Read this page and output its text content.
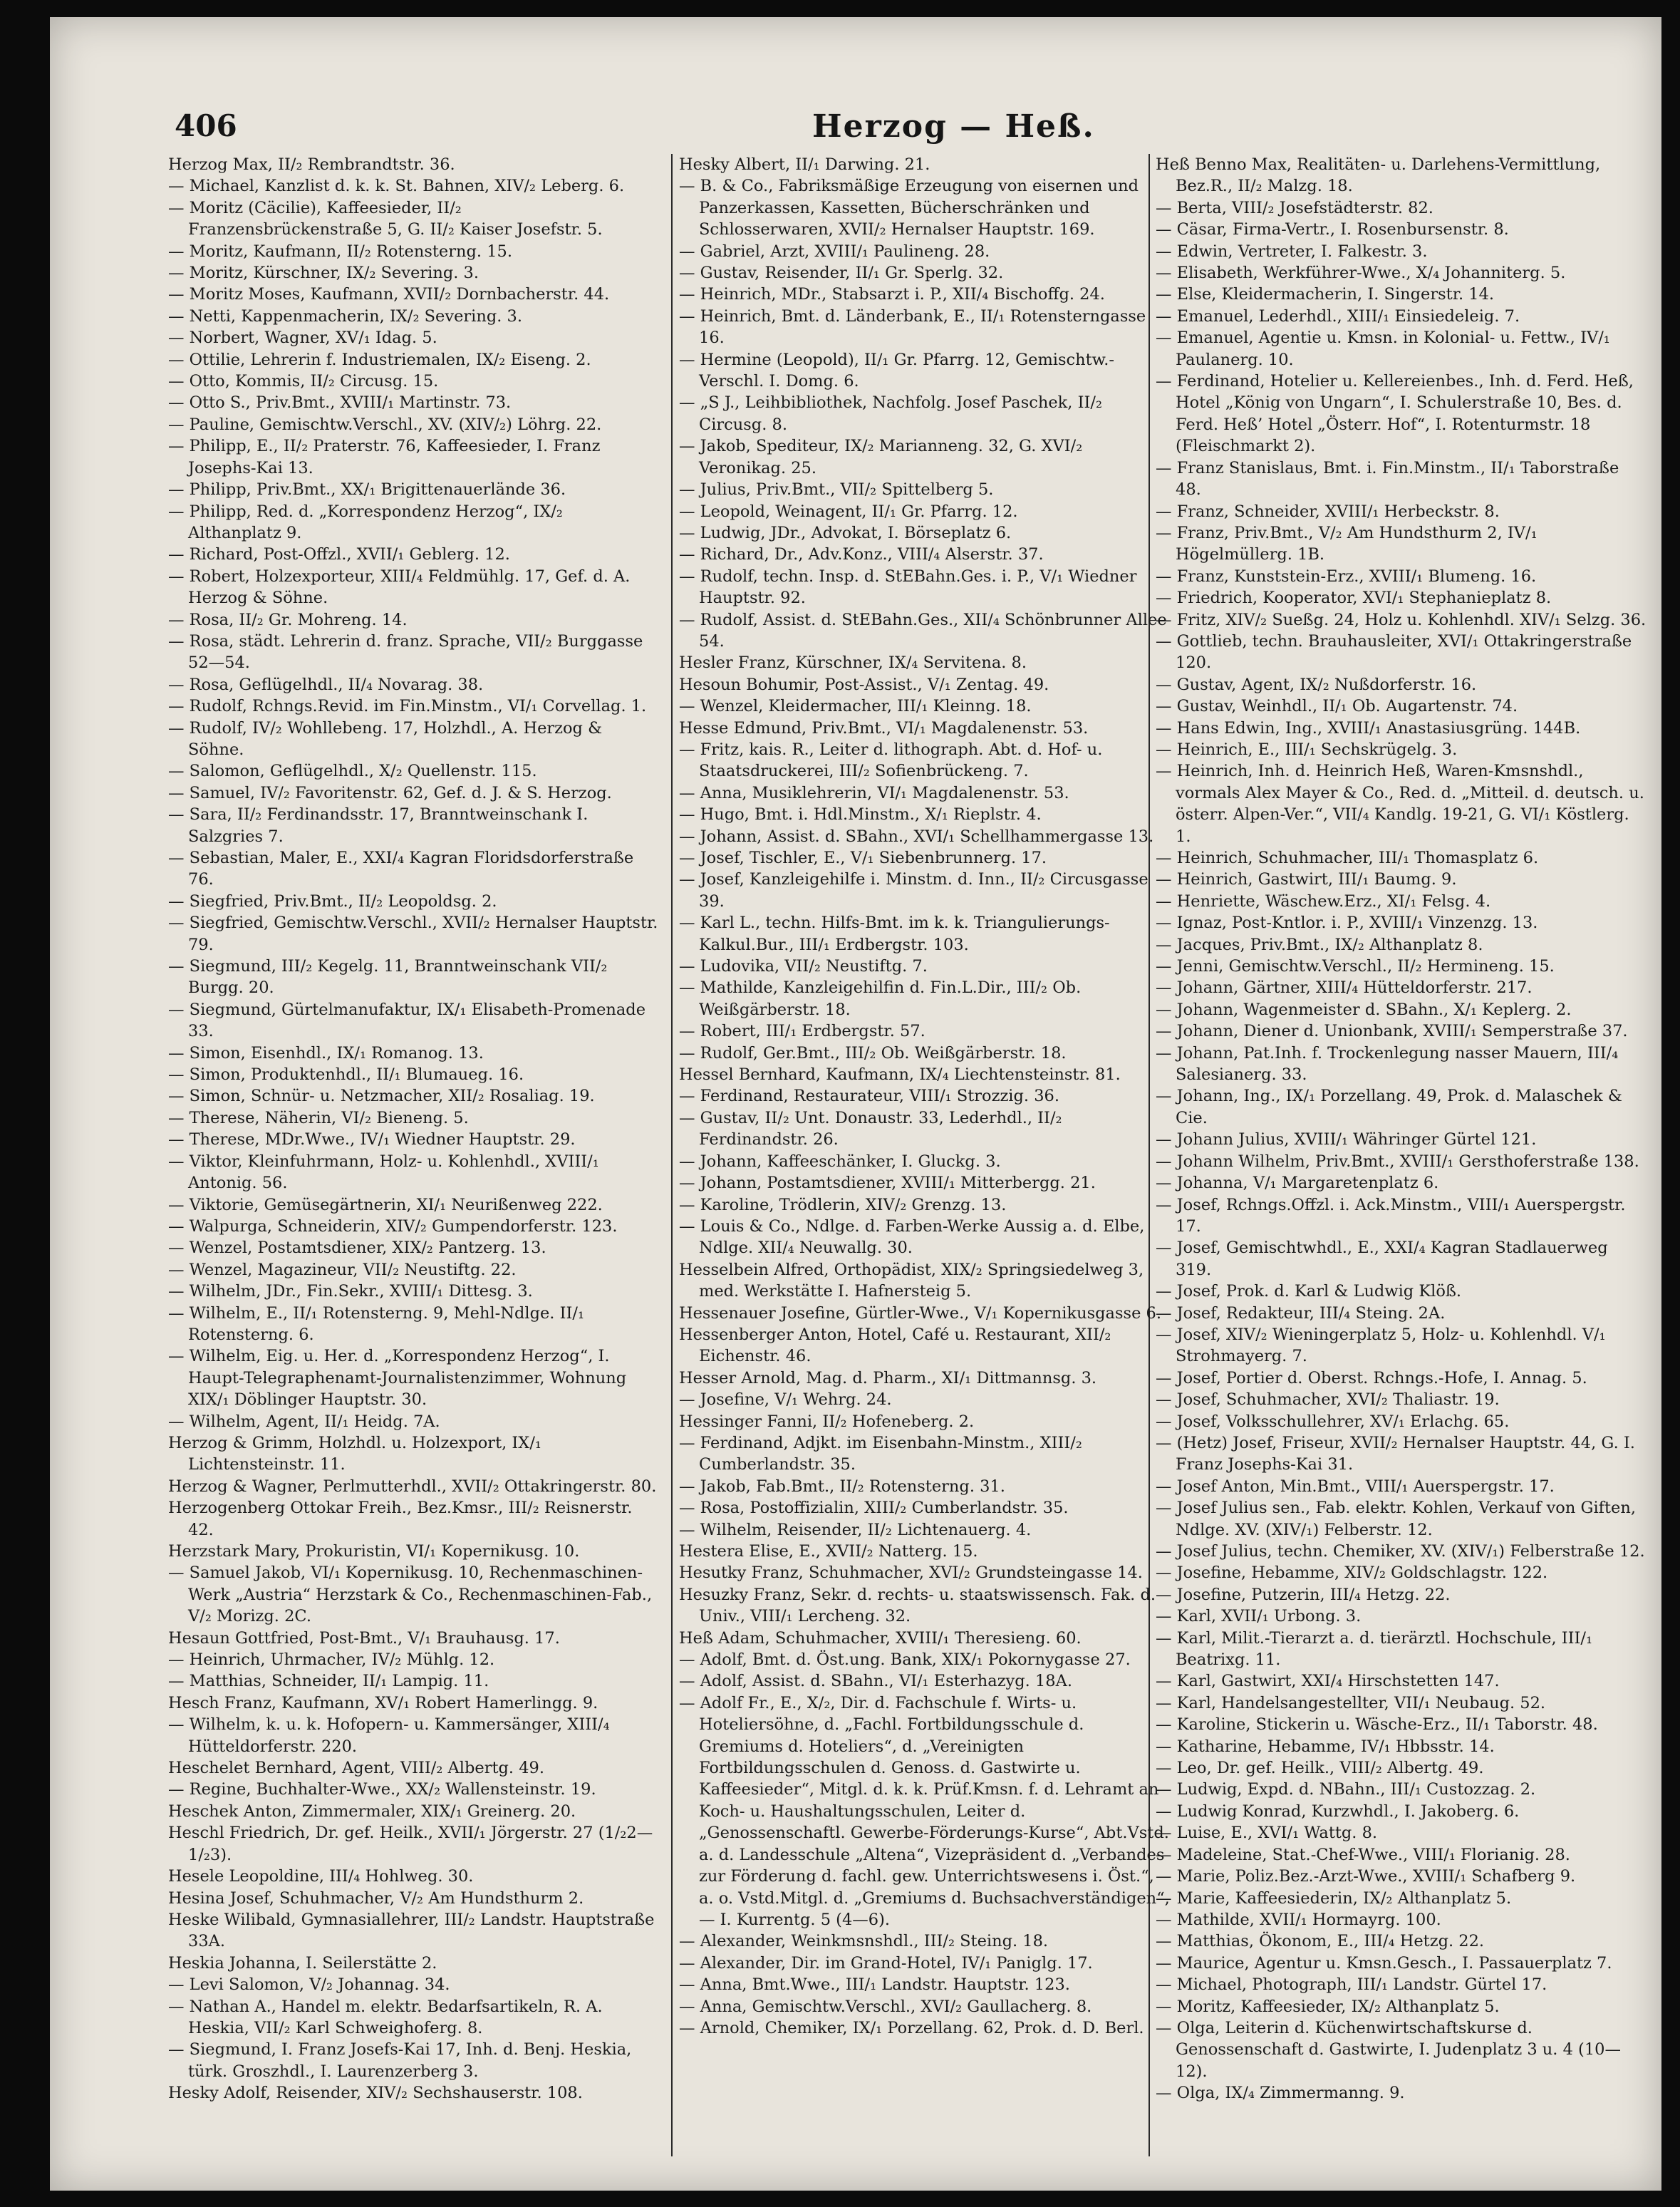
406	Herzog — Heß.

Herzog Max, II/₂ Rembrandtstr. 36.

— Michael, Kanzlist d. k. k. St. Bahnen, XIV/₂ Leberg. 6.

— Moritz (Cäcilie), Kaffeesieder, II/₂ Franzensbrückenstraße 5, G. II/₂ Kaiser Josefstr. 5.

— Moritz, Kaufmann, II/₂ Rotensterng. 15.

— Moritz, Kürschner, IX/₂ Severing. 3.

— Moritz Moses, Kaufmann, XVII/₂ Dornbacherstr. 44.

— Netti, Kappenmacherin, IX/₂ Severing. 3.

— Norbert, Wagner, XV/₁ Idag. 5.

— Ottilie, Lehrerin f. Industriemalen, IX/₂ Eiseng. 2.

— Otto, Kommis, II/₂ Circusg. 15.

— Otto S., Priv.Bmt., XVIII/₁ Martinstr. 73.

— Pauline, Gemischtw.Verschl., XV. (XIV/₂) Löhrg. 22.

— Philipp, E., II/₂ Praterstr. 76, Kaffeesieder, I. Franz Josephs-Kai 13.

— Philipp, Priv.Bmt., XX/₁ Brigittenauerlände 36.

— Philipp, Red. d. „Korrespondenz Herzog“, IX/₂ Althanplatz 9.

— Richard, Post-Offzl., XVII/₁ Geblerg. 12.

— Robert, Holzexporteur, XIII/₄ Feldmühlg. 17, Gef. d. A. Herzog & Söhne.

— Rosa, II/₂ Gr. Mohreng. 14.

— Rosa, städt. Lehrerin d. franz. Sprache, VII/₂ Burggasse 52—54.

— Rosa, Geflügelhdl., II/₄ Novarag. 38.

— Rudolf, Rchngs.Revid. im Fin.Minstm., VI/₁ Corvellag. 1.

— Rudolf, IV/₂ Wohllebeng. 17, Holzhdl., A. Herzog & Söhne.

— Salomon, Geflügelhdl., X/₂ Quellenstr. 115.

— Samuel, IV/₂ Favoritenstr. 62, Gef. d. J. & S. Herzog.

— Sara, II/₂ Ferdinandsstr. 17, Branntweinschank I. Salzgries 7.

— Sebastian, Maler, E., XXI/₄ Kagran Floridsdorferstraße 76.

— Siegfried, Priv.Bmt., II/₂ Leopoldsg. 2.

— Siegfried, Gemischtw.Verschl., XVII/₂ Hernalser Hauptstr. 79.

— Siegmund, III/₂ Kegelg. 11, Branntweinschank VII/₂ Burgg. 20.

— Siegmund, Gürtelmanufaktur, IX/₁ Elisabeth-Promenade 33.

— Simon, Eisenhdl., IX/₁ Romanog. 13.

— Simon, Produktenhdl., II/₁ Blumaueg. 16.

— Simon, Schnür- u. Netzmacher, XII/₂ Rosaliag. 19.

— Therese, Näherin, VI/₂ Bieneng. 5.

— Therese, MDr.Wwe., IV/₁ Wiedner Hauptstr. 29.

— Viktor, Kleinfuhrmann, Holz- u. Kohlenhdl., XVIII/₁ Antonig. 56.

— Viktorie, Gemüsegärtnerin, XI/₁ Neurißenweg 222.

— Walpurga, Schneiderin, XIV/₂ Gumpendorferstr. 123.

— Wenzel, Postamtsdiener, XIX/₂ Pantzerg. 13.

— Wenzel, Magazineur, VII/₂ Neustiftg. 22.

— Wilhelm, JDr., Fin.Sekr., XVIII/₁ Dittesg. 3.

— Wilhelm, E., II/₁ Rotensterng. 9, Mehl-Ndlge. II/₁ Rotensterng. 6.

— Wilhelm, Eig. u. Her. d. „Korrespondenz Herzog“, I. Haupt-Telegraphenamt-Journalistenzimmer, Wohnung XIX/₁ Döblinger Hauptstr. 30.

— Wilhelm, Agent, II/₁ Heidg. 7A.

Herzog & Grimm, Holzhdl. u. Holzexport, IX/₁ Lichtensteinstr. 11.

Herzog & Wagner, Perlmutterhdl., XVII/₂ Ottakringerstr. 80.

Herzogenberg Ottokar Freih., Bez.Kmsr., III/₂ Reisnerstr. 42.

Herzstark Mary, Prokuristin, VI/₁ Kopernikusg. 10.

— Samuel Jakob, VI/₁ Kopernikusg. 10, Rechenmaschinen-Werk „Austria“ Herzstark & Co., Rechenmaschinen-Fab., V/₂ Morizg. 2C.

Hesaun Gottfried, Post-Bmt., V/₁ Brauhausg. 17.

— Heinrich, Uhrmacher, IV/₂ Mühlg. 12.

— Matthias, Schneider, II/₁ Lampig. 11.

Hesch Franz, Kaufmann, XV/₁ Robert Hamerlingg. 9.

— Wilhelm, k. u. k. Hofopern- u. Kammersänger, XIII/₄ Hütteldorferstr. 220.

Heschelet Bernhard, Agent, VIII/₂ Albertg. 49.

— Regine, Buchhalter-Wwe., XX/₂ Wallensteinstr. 19.

Heschek Anton, Zimmermaler, XIX/₁ Greinerg. 20.

Heschl Friedrich, Dr. gef. Heilk., XVII/₁ Jörgerstr. 27 (1/₂2—1/₂3).

Hesele Leopoldine, III/₄ Hohlweg. 30.

Hesina Josef, Schuhmacher, V/₂ Am Hundsthurm 2.

Heske Wilibald, Gymnasiallehrer, III/₂ Landstr. Hauptstraße 33A.

Heskia Johanna, I. Seilerstätte 2.

— Levi Salomon, V/₂ Johannag. 34.

— Nathan A., Handel m. elektr. Bedarfsartikeln, R. A. Heskia, VII/₂ Karl Schweighoferg. 8.

— Siegmund, I. Franz Josefs-Kai 17, Inh. d. Benj. Heskia, türk. Groszhdl., I. Laurenzerberg 3.

Hesky Adolf, Reisender, XIV/₂ Sechshauserstr. 108.

Hesky Albert, II/₁ Darwing. 21.

— B. & Co., Fabriksmäßige Erzeugung von eisernen und Panzerkassen, Kassetten, Bücherschränken und Schlosserwaren, XVII/₂ Hernalser Hauptstr. 169.

— Gabriel, Arzt, XVIII/₁ Paulineng. 28.

— Gustav, Reisender, II/₁ Gr. Sperlg. 32.

— Heinrich, MDr., Stabsarzt i. P., XII/₄ Bischoffg. 24.

— Heinrich, Bmt. d. Länderbank, E., II/₁ Rotensterngasse 16.

— Hermine (Leopold), II/₁ Gr. Pfarrg. 12, Gemischtw.-Verschl. I. Domg. 6.

— „S J., Leihbibliothek, Nachfolg. Josef Paschek, II/₂ Circusg. 8.

— Jakob, Spediteur, IX/₂ Marianneng. 32, G. XVI/₂ Veronikag. 25.

— Julius, Priv.Bmt., VII/₂ Spittelberg 5.

— Leopold, Weinagent, II/₁ Gr. Pfarrg. 12.

— Ludwig, JDr., Advokat, I. Börseplatz 6.

— Richard, Dr., Adv.Konz., VIII/₄ Alserstr. 37.

— Rudolf, techn. Insp. d. StEBahn.Ges. i. P., V/₁ Wiedner Hauptstr. 92.

— Rudolf, Assist. d. StEBahn.Ges., XII/₄ Schönbrunner Allee 54.

Hesler Franz, Kürschner, IX/₄ Servitena. 8.

Hesoun Bohumir, Post-Assist., V/₁ Zentag. 49.

— Wenzel, Kleidermacher, III/₁ Kleinng. 18.

Hesse Edmund, Priv.Bmt., VI/₁ Magdalenenstr. 53.

— Fritz, kais. R., Leiter d. lithograph. Abt. d. Hof- u. Staatsdruckerei, III/₂ Sofienbrückeng. 7.

— Anna, Musiklehrerin, VI/₁ Magdalenenstr. 53.

— Hugo, Bmt. i. Hdl.Minstm., X/₁ Rieplstr. 4.

— Johann, Assist. d. SBahn., XVI/₁ Schellhammergasse 13.

— Josef, Tischler, E., V/₁ Siebenbrunnerg. 17.

— Josef, Kanzleigehilfe i. Minstm. d. Inn., II/₂ Circusgasse 39.

— Karl L., techn. Hilfs-Bmt. im k. k. Triangulierungs-Kalkul.Bur., III/₁ Erdbergstr. 103.

— Ludovika, VII/₂ Neustiftg. 7.

— Mathilde, Kanzleigehilfin d. Fin.L.Dir., III/₂ Ob. Weißgärberstr. 18.

— Robert, III/₁ Erdbergstr. 57.

— Rudolf, Ger.Bmt., III/₂ Ob. Weißgärberstr. 18.

Hessel Bernhard, Kaufmann, IX/₄ Liechtensteinstr. 81.

— Ferdinand, Restaurateur, VIII/₁ Strozzig. 36.

— Gustav, II/₂ Unt. Donaustr. 33, Lederhdl., II/₂ Ferdinandstr. 26.

— Johann, Kaffeeschänker, I. Gluckg. 3.

— Johann, Postamtsdiener, XVIII/₁ Mitterbergg. 21.

— Karoline, Trödlerin, XIV/₂ Grenzg. 13.

— Louis & Co., Ndlge. d. Farben-Werke Aussig a. d. Elbe, Ndlge. XII/₄ Neuwallg. 30.

Hesselbein Alfred, Orthopädist, XIX/₂ Springsiedelweg 3, med. Werkstätte I. Hafnersteig 5.

Hessenauer Josefine, Gürtler-Wwe., V/₁ Kopernikusgasse 6.

Hessenberger Anton, Hotel, Café u. Restaurant, XII/₂ Eichenstr. 46.

Hesser Arnold, Mag. d. Pharm., XI/₁ Dittmannsg. 3.

— Josefine, V/₁ Wehrg. 24.

Hessinger Fanni, II/₂ Hofeneberg. 2.

— Ferdinand, Adjkt. im Eisenbahn-Minstm., XIII/₂ Cumberlandstr. 35.

— Jakob, Fab.Bmt., II/₂ Rotensterng. 31.

— Rosa, Postoffizialin, XIII/₂ Cumberlandstr. 35.

— Wilhelm, Reisender, II/₂ Lichtenauerg. 4.

Hestera Elise, E., XVII/₂ Natterg. 15.

Hesutky Franz, Schuhmacher, XVI/₂ Grundsteingasse 14.

Hesuzky Franz, Sekr. d. rechts- u. staatswissensch. Fak. d. Univ., VIII/₁ Lercheng. 32.

Heß Adam, Schuhmacher, XVIII/₁ Theresieng. 60.

— Adolf, Bmt. d. Öst.ung. Bank, XIX/₁ Pokornygasse 27.

— Adolf, Assist. d. SBahn., VI/₁ Esterhazyg. 18A.

— Adolf Fr., E., X/₂, Dir. d. Fachschule f. Wirts- u. Hoteliersöhne, d. „Fachl. Fortbildungsschule d. Gremiums d. Hoteliers“, d. „Vereinigten Fortbildungsschulen d. Genoss. d. Gastwirte u. Kaffeesieder“, Mitgl. d. k. k. Prüf.Kmsn. f. d. Lehramt an Koch- u. Haushaltungsschulen, Leiter d. „Genossenschaftl. Gewerbe-Förderungs-Kurse“, Abt.Vstd. a. d. Landesschule „Altena“, Vizepräsident d. „Verbandes zur Förderung d. fachl. gew. Unterrichtswesens i. Öst.“, a. o. Vstd.Mitgl. d. „Gremiums d. Buchsachverständigen“, — I. Kurrentg. 5 (4—6).

— Alexander, Weinkmsnshdl., III/₂ Steing. 18.

— Alexander, Dir. im Grand-Hotel, IV/₁ Paniglg. 17.

— Anna, Bmt.Wwe., III/₁ Landstr. Hauptstr. 123.

— Anna, Gemischtw.Verschl., XVI/₂ Gaullacherg. 8.

— Arnold, Chemiker, IX/₁ Porzellang. 62, Prok. d. D. Berl.

Heß Benno Max, Realitäten- u. Darlehens-Vermittlung, Bez.R., II/₂ Malzg. 18.

— Berta, VIII/₂ Josefstädterstr. 82.

— Cäsar, Firma-Vertr., I. Rosenbursenstr. 8.

— Edwin, Vertreter, I. Falkestr. 3.

— Elisabeth, Werkführer-Wwe., X/₄ Johanniterg. 5.

— Else, Kleidermacherin, I. Singerstr. 14.

— Emanuel, Lederhdl., XIII/₁ Einsiedeleig. 7.

— Emanuel, Agentie u. Kmsn. in Kolonial- u. Fettw., IV/₁ Paulanerg. 10.

— Ferdinand, Hotelier u. Kellereienbes., Inh. d. Ferd. Heß, Hotel „König von Ungarn“, I. Schulerstraße 10, Bes. d. Ferd. Heß’ Hotel „Österr. Hof“, I. Rotenturmstr. 18 (Fleischmarkt 2).

— Franz Stanislaus, Bmt. i. Fin.Minstm., II/₁ Taborstraße 48.

— Franz, Schneider, XVIII/₁ Herbeckstr. 8.

— Franz, Priv.Bmt., V/₂ Am Hundsthurm 2, IV/₁ Högelmüllerg. 1B.

— Franz, Kunststein-Erz., XVIII/₁ Blumeng. 16.

— Friedrich, Kooperator, XVI/₁ Stephanieplatz 8.

— Fritz, XIV/₂ Sueßg. 24, Holz u. Kohlenhdl. XIV/₁ Selzg. 36.

— Gottlieb, techn. Brauhausleiter, XVI/₁ Ottakringerstraße 120.

— Gustav, Agent, IX/₂ Nußdorferstr. 16.

— Gustav, Weinhdl., II/₁ Ob. Augartenstr. 74.

— Hans Edwin, Ing., XVIII/₁ Anastasiusgrüng. 144B.

— Heinrich, E., III/₁ Sechskrügelg. 3.

— Heinrich, Inh. d. Heinrich Heß, Waren-Kmsnshdl., vormals Alex Mayer & Co., Red. d. „Mitteil. d. deutsch. u. österr. Alpen-Ver.“, VII/₄ Kandlg. 19-21, G. VI/₁ Köstlerg. 1.

— Heinrich, Schuhmacher, III/₁ Thomasplatz 6.

— Heinrich, Gastwirt, III/₁ Baumg. 9.

— Henriette, Wäschew.Erz., XI/₁ Felsg. 4.

— Ignaz, Post-Kntlor. i. P., XVIII/₁ Vinzenzg. 13.

— Jacques, Priv.Bmt., IX/₂ Althanplatz 8.

— Jenni, Gemischtw.Verschl., II/₂ Hermineng. 15.

— Johann, Gärtner, XIII/₄ Hütteldorferstr. 217.

— Johann, Wagenmeister d. SBahn., X/₁ Keplerg. 2.

— Johann, Diener d. Unionbank, XVIII/₁ Semperstraße 37.

— Johann, Pat.Inh. f. Trockenlegung nasser Mauern, III/₄ Salesianerg. 33.

— Johann, Ing., IX/₁ Porzellang. 49, Prok. d. Malaschek & Cie.

— Johann Julius, XVIII/₁ Währinger Gürtel 121.

— Johann Wilhelm, Priv.Bmt., XVIII/₁ Gersthoferstraße 138.

— Johanna, V/₁ Margaretenplatz 6.

— Josef, Rchngs.Offzl. i. Ack.Minstm., VIII/₁ Auerspergstr. 17.

— Josef, Gemischtwhdl., E., XXI/₄ Kagran Stadlauerweg 319.

— Josef, Prok. d. Karl & Ludwig Klöß.

— Josef, Redakteur, III/₄ Steing. 2A.

— Josef, XIV/₂ Wieningerplatz 5, Holz- u. Kohlenhdl. V/₁ Strohmayerg. 7.

— Josef, Portier d. Oberst. Rchngs.-Hofe, I. Annag. 5.

— Josef, Schuhmacher, XVI/₂ Thaliastr. 19.

— Josef, Volksschullehrer, XV/₁ Erlachg. 65.

— (Hetz) Josef, Friseur, XVII/₂ Hernalser Hauptstr. 44, G. I. Franz Josephs-Kai 31.

— Josef Anton, Min.Bmt., VIII/₁ Auerspergstr. 17.

— Josef Julius sen., Fab. elektr. Kohlen, Verkauf von Giften, Ndlge. XV. (XIV/₁) Felberstr. 12.

— Josef Julius, techn. Chemiker, XV. (XIV/₁) Felberstraße 12.

— Josefine, Hebamme, XIV/₂ Goldschlagstr. 122.

— Josefine, Putzerin, III/₄ Hetzg. 22.

— Karl, XVII/₁ Urbong. 3.

— Karl, Milit.-Tierarzt a. d. tierärztl. Hochschule, III/₁ Beatrixg. 11.

— Karl, Gastwirt, XXI/₄ Hirschstetten 147.

— Karl, Handelsangestellter, VII/₁ Neubaug. 52.

— Karoline, Stickerin u. Wäsche-Erz., II/₁ Taborstr. 48.

— Katharine, Hebamme, IV/₁ Hbbsstr. 14.

— Leo, Dr. gef. Heilk., VIII/₂ Albertg. 49.

— Ludwig, Expd. d. NBahn., III/₁ Custozzag. 2.

— Ludwig Konrad, Kurzwhdl., I. Jakoberg. 6.

— Luise, E., XVI/₁ Wattg. 8.

— Madeleine, Stat.-Chef-Wwe., VIII/₁ Florianig. 28.

— Marie, Poliz.Bez.-Arzt-Wwe., XVIII/₁ Schafberg 9.

— Marie, Kaffeesiederin, IX/₂ Althanplatz 5.

— Mathilde, XVII/₁ Hormayrg. 100.

— Matthias, Ökonom, E., III/₄ Hetzg. 22.

— Maurice, Agentur u. Kmsn.Gesch., I. Passauerplatz 7.

— Michael, Photograph, III/₁ Landstr. Gürtel 17.

— Moritz, Kaffeesieder, IX/₂ Althanplatz 5.

— Olga, Leiterin d. Küchenwirtschaftskurse d. Genossenschaft d. Gastwirte, I. Judenplatz 3 u. 4 (10—12).

— Olga, IX/₄ Zimmermanng. 9.
